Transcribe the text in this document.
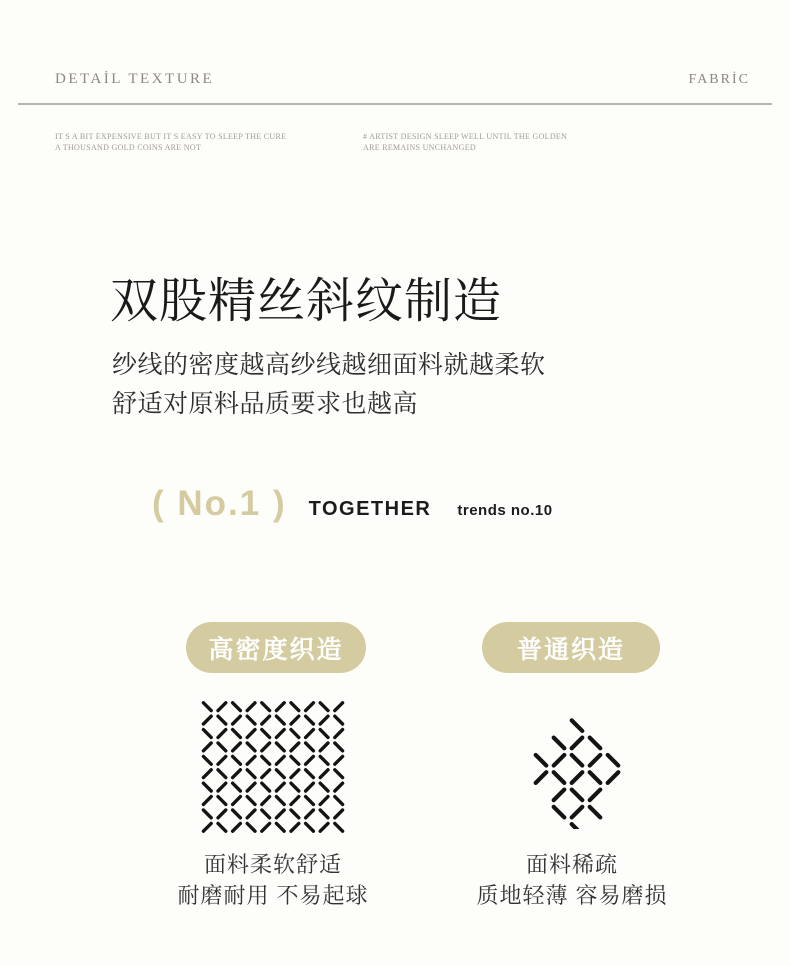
DETAİL TEXTURE	FABRİC
IT S A BIT EXPENSIVE BUT IT S EASY TO SLEEP THE CURE
A THOUSAND GOLD COINS ARE NOT
# ARTIST DESIGN SLEEP WELL UNTIL THE GOLDEN
ARE REMAINS UNCHANGED
双股精丝斜纹制造
纱线的密度越高纱线越细面料就越柔软
舒适对原料品质要求也越高
( No.1 ) TOGETHER trends no.10
高密度织造	普通织造
面料柔软舒适
耐磨耐用 不易起球
面料稀疏
质地轻薄 容易磨损
